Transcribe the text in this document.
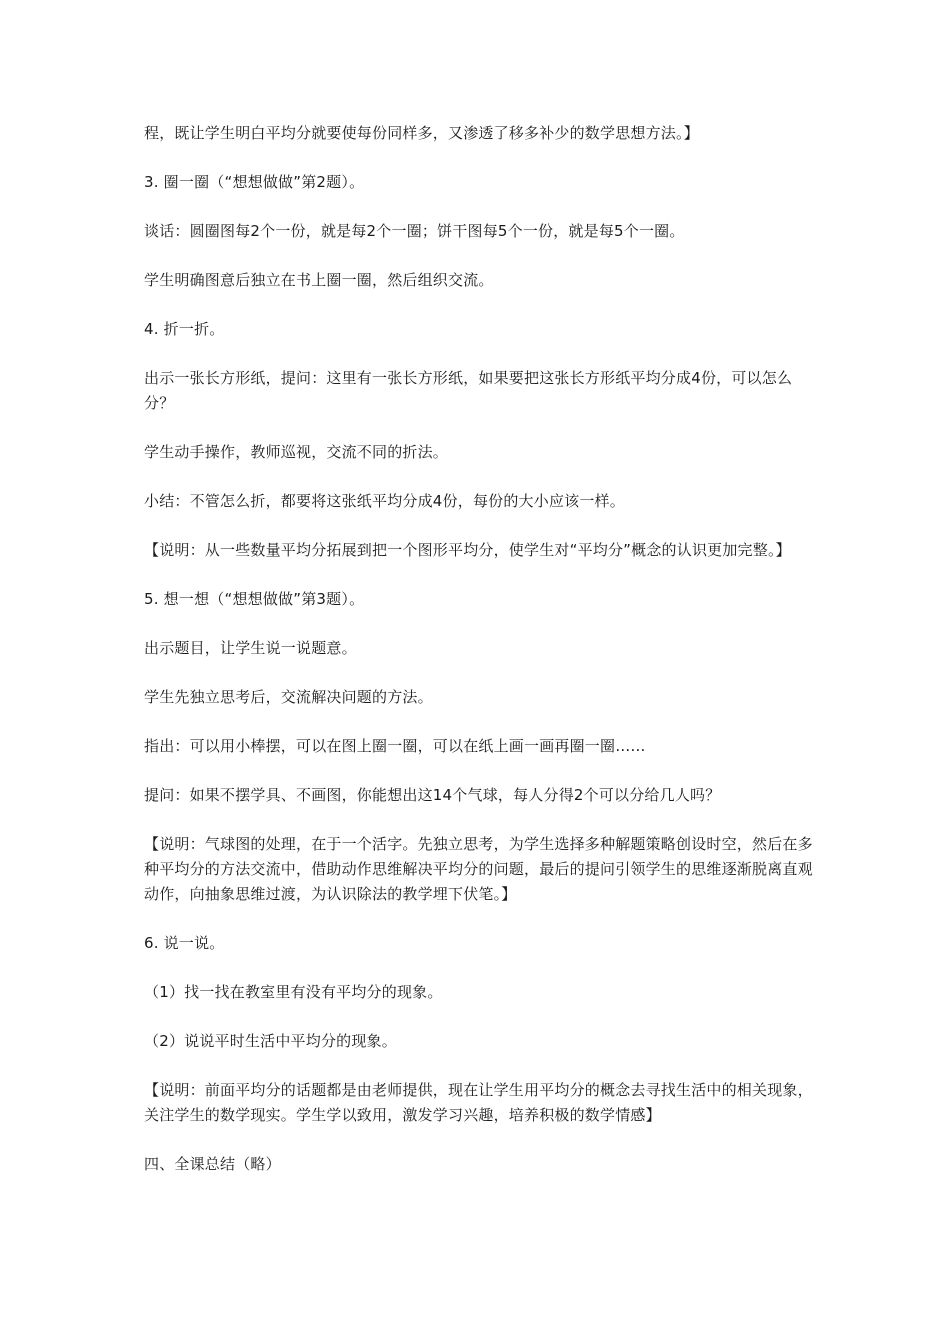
程，既让学生明白平均分就要使每份同样多，又渗透了移多补少的数学思想方法。】

3. 圈一圈（“想想做做”第2题）。

谈话：圆圈图每2个一份，就是每2个一圈；饼干图每5个一份，就是每5个一圈。

学生明确图意后独立在书上圈一圈，然后组织交流。

4. 折一折。

出示一张长方形纸，提问：这里有一张长方形纸，如果要把这张长方形纸平均分成4份，可以怎么分？

学生动手操作，教师巡视，交流不同的折法。

小结：不管怎么折，都要将这张纸平均分成4份，每份的大小应该一样。

【说明：从一些数量平均分拓展到把一个图形平均分，使学生对“平均分”概念的认识更加完整。】

5. 想一想（“想想做做”第3题）。

出示题目，让学生说一说题意。

学生先独立思考后，交流解决问题的方法。

指出：可以用小棒摆，可以在图上圈一圈，可以在纸上画一画再圈一圈……

提问：如果不摆学具、不画图，你能想出这14个气球，每人分得2个可以分给几人吗？

【说明：气球图的处理，在于一个活字。先独立思考，为学生选择多种解题策略创设时空，然后在多种平均分的方法交流中，借助动作思维解决平均分的问题，最后的提问引领学生的思维逐渐脱离直观动作，向抽象思维过渡，为认识除法的教学埋下伏笔。】

6. 说一说。

（1）找一找在教室里有没有平均分的现象。

（2）说说平时生活中平均分的现象。

【说明：前面平均分的话题都是由老师提供，现在让学生用平均分的概念去寻找生活中的相关现象，关注学生的数学现实。学生学以致用，激发学习兴趣，培养积极的数学情感】

四、全课总结（略）
